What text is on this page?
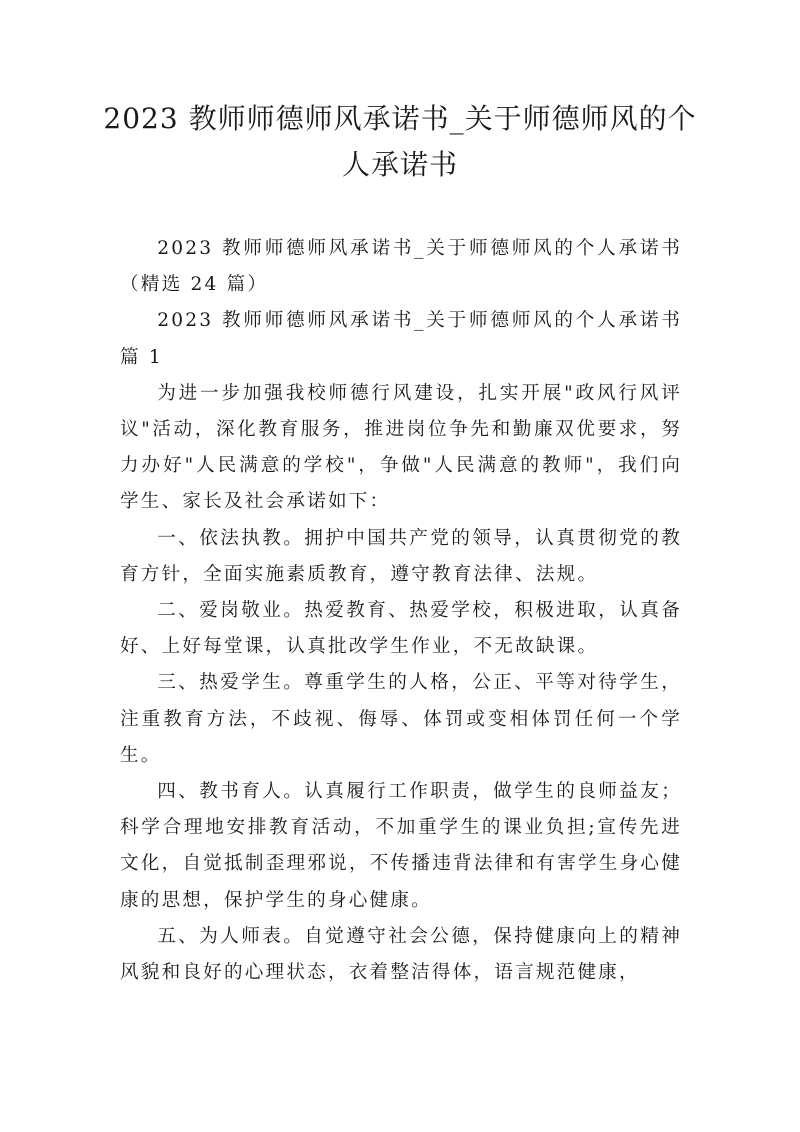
2023 教师师德师风承诺书_关于师德师风的个人承诺书

2023 教师师德师风承诺书_关于师德师风的个人承诺书（精选 24 篇）

2023 教师师德师风承诺书_关于师德师风的个人承诺书篇 1

为进一步加强我校师德行风建设，扎实开展"政风行风评议"活动，深化教育服务，推进岗位争先和勤廉双优要求，努力办好"人民满意的学校"，争做"人民满意的教师"，我们向学生、家长及社会承诺如下：

一、依法执教。拥护中国共产党的领导，认真贯彻党的教育方针，全面实施素质教育，遵守教育法律、法规。

二、爱岗敬业。热爱教育、热爱学校，积极进取，认真备好、上好每堂课，认真批改学生作业，不无故缺课。

三、热爱学生。尊重学生的人格，公正、平等对待学生，注重教育方法，不歧视、侮辱、体罚或变相体罚任何一个学生。

四、教书育人。认真履行工作职责，做学生的良师益友；科学合理地安排教育活动，不加重学生的课业负担;宣传先进文化，自觉抵制歪理邪说，不传播违背法律和有害学生身心健康的思想，保护学生的身心健康。

五、为人师表。自觉遵守社会公德，保持健康向上的精神风貌和良好的心理状态，衣着整洁得体，语言规范健康，
